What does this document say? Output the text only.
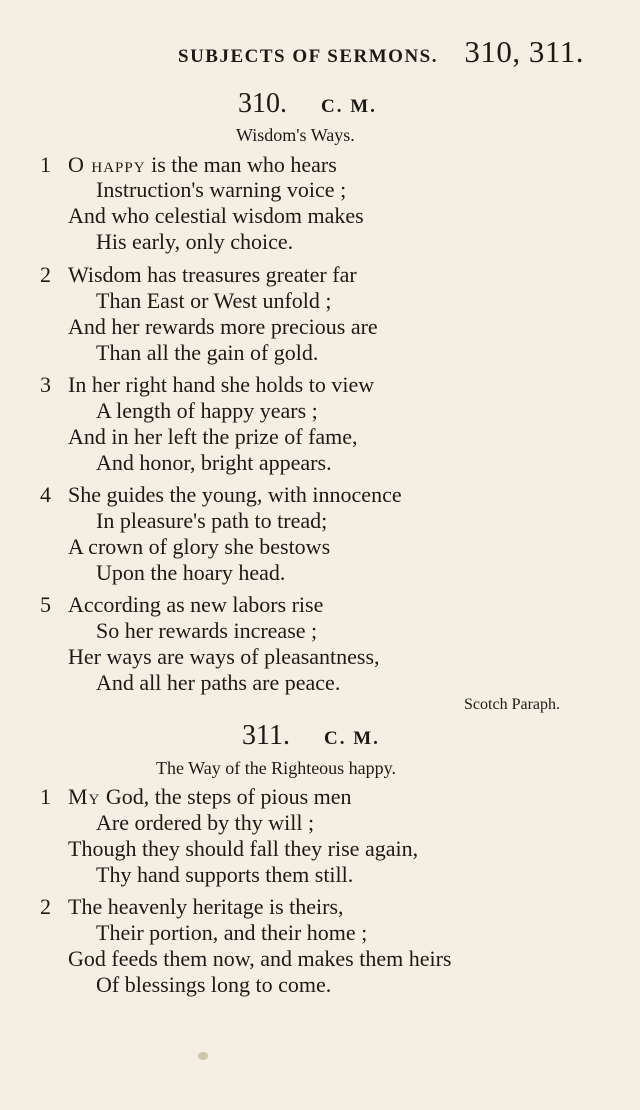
SUBJECTS OF SERMONS. 310, 311.
310. C. M.
Wisdom's Ways.
1 O happy is the man who hears
Instruction's warning voice ;
And who celestial wisdom makes
His early, only choice.
2 Wisdom has treasures greater far
Than East or West unfold ;
And her rewards more precious are
Than all the gain of gold.
3 In her right hand she holds to view
A length of happy years ;
And in her left the prize of fame,
And honor, bright appears.
4 She guides the young, with innocence
In pleasure's path to tread;
A crown of glory she bestows
Upon the hoary head.
5 According as new labors rise
So her rewards increase ;
Her ways are ways of pleasantness,
And all her paths are peace.
Scotch Paraph.
311. C. M.
The Way of the Righteous happy.
1 My God, the steps of pious men
Are ordered by thy will ;
Though they should fall they rise again,
Thy hand supports them still.
2 The heavenly heritage is theirs,
Their portion, and their home ;
God feeds them now, and makes them heirs
Of blessings long to come.
